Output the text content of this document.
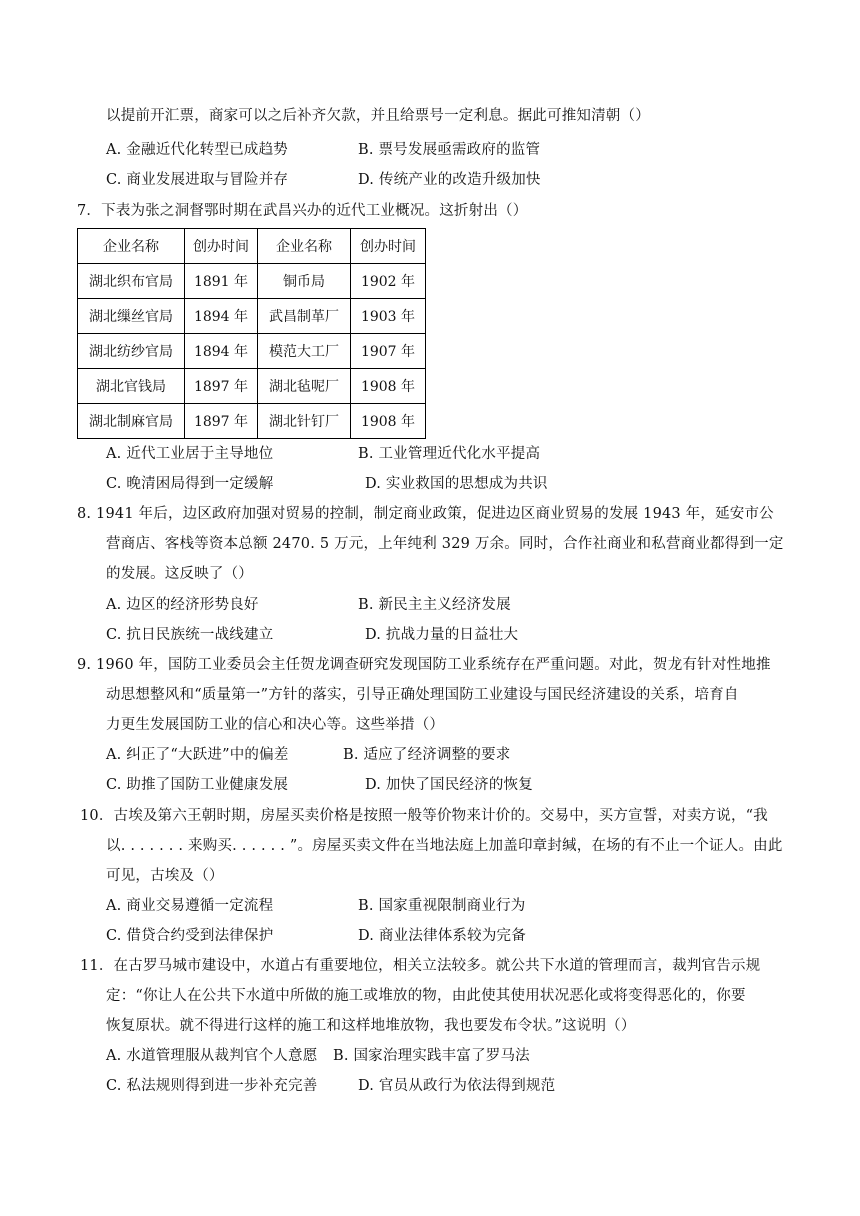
以提前开汇票，商家可以之后补齐欠款，并且给票号一定利息。据此可推知清朝（）
A. 金融近代化转型已成趋势	B. 票号发展亟需政府的监管
C. 商业发展进取与冒险并存	D. 传统产业的改造升级加快
7．下表为张之洞督鄂时期在武昌兴办的近代工业概况。这折射出（）
企业名称	创办时间	企业名称	创办时间
湖北织布官局	1891 年	铜币局	1902 年
湖北缫丝官局	1894 年	武昌制革厂	1903 年
湖北纺纱官局	1894 年	模范大工厂	1907 年
湖北官钱局	1897 年	湖北毡呢厂	1908 年
湖北制麻官局	1897 年	湖北针钉厂	1908 年
A. 近代工业居于主导地位	B. 工业管理近代化水平提高
C. 晚清困局得到一定缓解	D. 实业救国的思想成为共识
8. 1941 年后，边区政府加强对贸易的控制，制定商业政策，促进边区商业贸易的发展 1943 年，延安市公
营商店、客栈等资本总额 2470. 5 万元，上年纯利 329 万余。同时，合作社商业和私营商业都得到一定
的发展。这反映了（）
A. 边区的经济形势良好	B. 新民主主义经济发展
C. 抗日民族统一战线建立	D. 抗战力量的日益壮大
9. 1960 年，国防工业委员会主任贺龙调查研究发现国防工业系统存在严重问题。对此，贺龙有针对性地推
动思想整风和“质量第一”方针的落实，引导正确处理国防工业建设与国民经济建设的关系，培育自
力更生发展国防工业的信心和决心等。这些举措（）
A. 纠正了“大跃进”中的偏差	B. 适应了经济调整的要求
C. 助推了国防工业健康发展	D. 加快了国民经济的恢复
10．古埃及第六王朝时期，房屋买卖价格是按照一般等价物来计价的。交易中，买方宣誓，对卖方说，“我
以. . . . . . . 来购买. . . . . . ”。房屋买卖文件在当地法庭上加盖印章封缄，在场的有不止一个证人。由此
可见，古埃及（）
A. 商业交易遵循一定流程	B. 国家重视限制商业行为
C. 借贷合约受到法律保护	D. 商业法律体系较为完备
11．在古罗马城市建设中，水道占有重要地位，相关立法较多。就公共下水道的管理而言，裁判官告示规
定：“你让人在公共下水道中所做的施工或堆放的物，由此使其使用状况恶化或将变得恶化的，你要
恢复原状。就不得进行这样的施工和这样地堆放物，我也要发布令状。”这说明（）
A. 水道管理服从裁判官个人意愿 B. 国家治理实践丰富了罗马法
C. 私法规则得到进一步补充完善	D. 官员从政行为依法得到规范
